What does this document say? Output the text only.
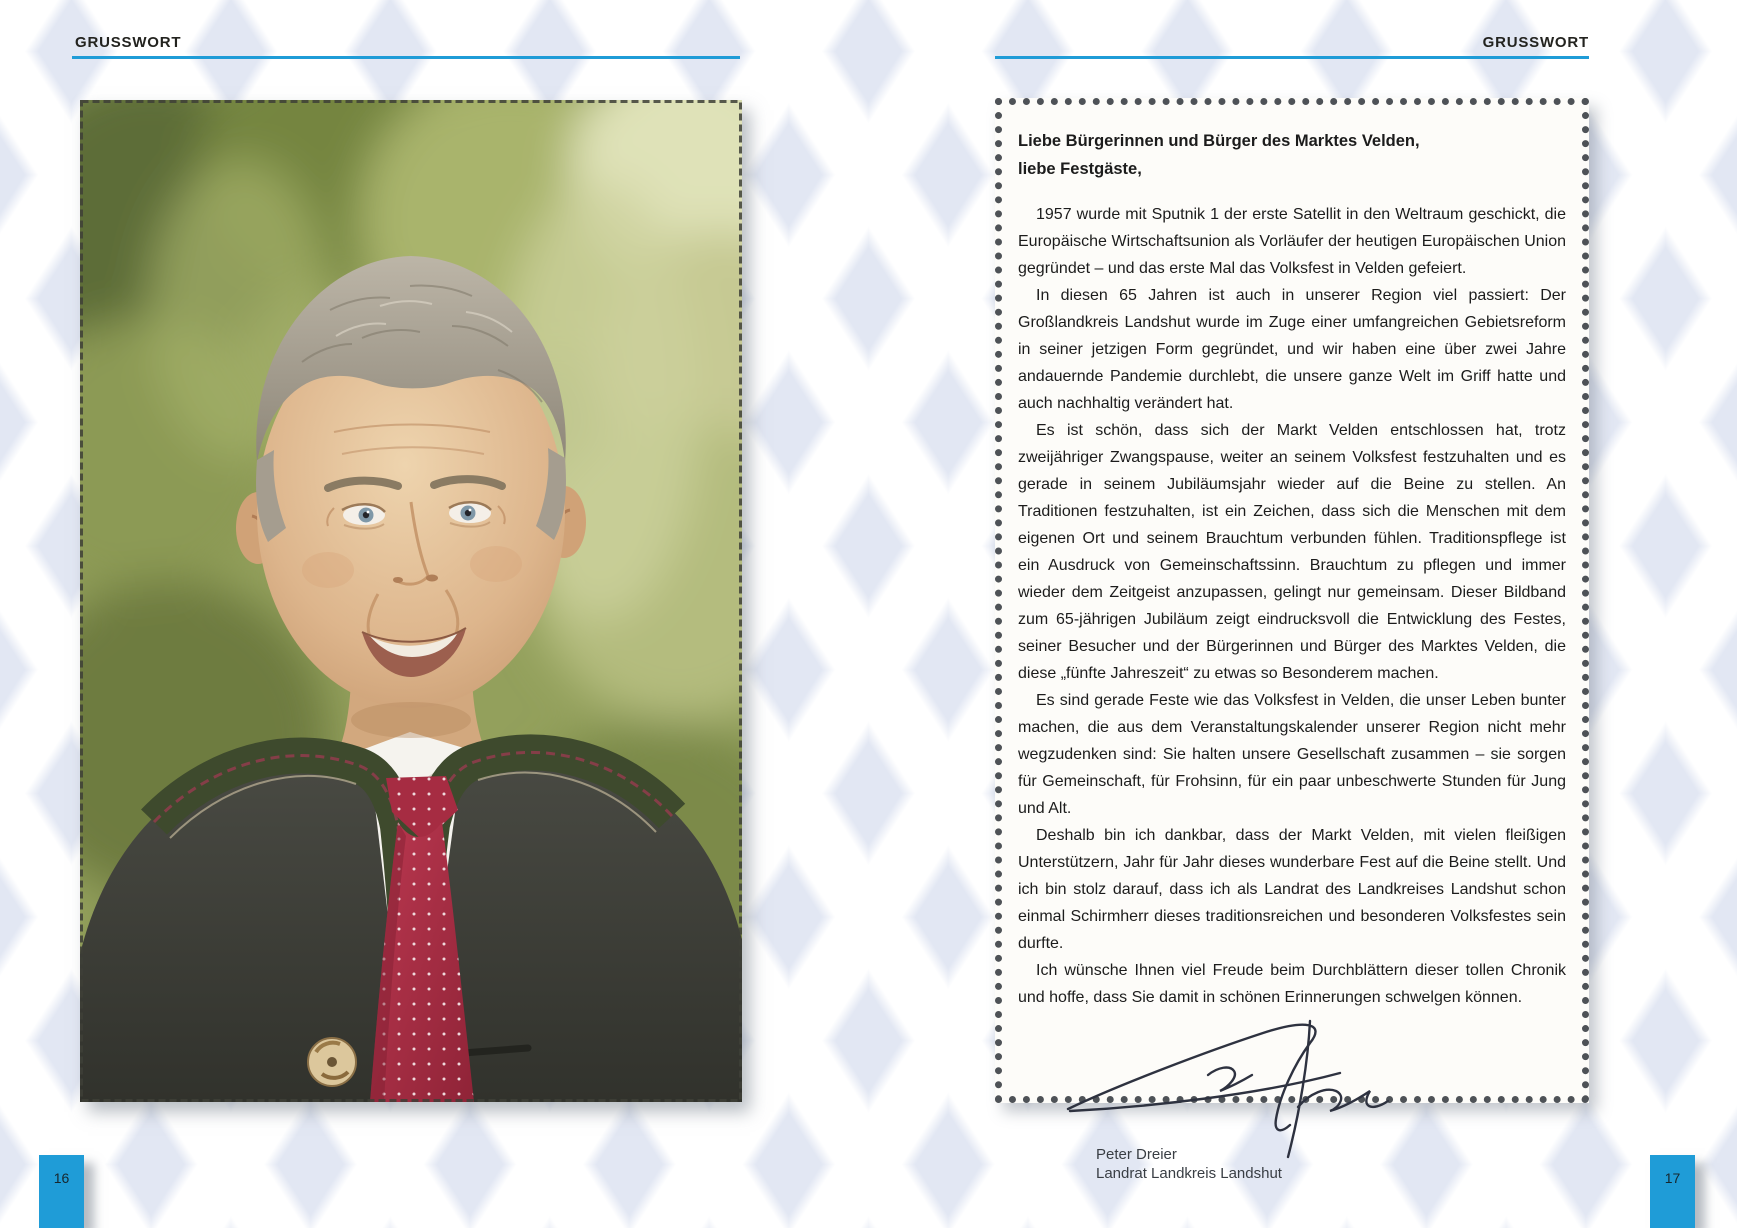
GRUSSWORT
16
GRUSSWORT
Liebe Bürgerinnen und Bürger des Marktes Velden,
liebe Festgäste,

1957 wurde mit Sputnik 1 der erste Satellit in den Weltraum geschickt, die Europäische Wirtschaftsunion als Vorläufer der heutigen Europäischen Union gegründet – und das erste Mal das Volksfest in Velden gefeiert.

In diesen 65 Jahren ist auch in unserer Region viel passiert: Der Großlandkreis Landshut wurde im Zuge einer umfangreichen Gebietsreform in seiner jetzigen Form gegründet, und wir haben eine über zwei Jahre andauernde Pandemie durchlebt, die unsere ganze Welt im Griff hatte und auch nachhaltig verändert hat.

Es ist schön, dass sich der Markt Velden entschlossen hat, trotz zweijähriger Zwangspause, weiter an seinem Volksfest festzuhalten und es gerade in seinem Jubiläumsjahr wieder auf die Beine zu stellen. An Traditionen festzuhalten, ist ein Zeichen, dass sich die Menschen mit dem eigenen Ort und seinem Brauchtum verbunden fühlen. Traditionspflege ist ein Ausdruck von Gemeinschaftssinn. Brauchtum zu pflegen und immer wieder dem Zeitgeist anzupassen, gelingt nur gemeinsam. Dieser Bildband zum 65-jährigen Jubiläum zeigt eindrucksvoll die Entwicklung des Festes, seiner Besucher und der Bürgerinnen und Bürger des Marktes Velden, die diese „fünfte Jahreszeit“ zu etwas so Besonderem machen.

Es sind gerade Feste wie das Volksfest in Velden, die unser Leben bunter machen, die aus dem Veranstaltungskalender unserer Region nicht mehr wegzudenken sind: Sie halten unsere Gesellschaft zusammen – sie sorgen für Gemeinschaft, für Frohsinn, für ein paar unbeschwerte Stunden für Jung und Alt.

Deshalb bin ich dankbar, dass der Markt Velden, mit vielen fleißigen Unterstützern, Jahr für Jahr dieses wunderbare Fest auf die Beine stellt. Und ich bin stolz darauf, dass ich als Landrat des Landkreises Landshut schon einmal Schirmherr dieses traditionsreichen und besonderen Volksfestes sein durfte.

Ich wünsche Ihnen viel Freude beim Durchblättern dieser tollen Chronik und hoffe, dass Sie damit in schönen Erinnerungen schwelgen können.

Peter Dreier
Landrat Landkreis Landshut	17
